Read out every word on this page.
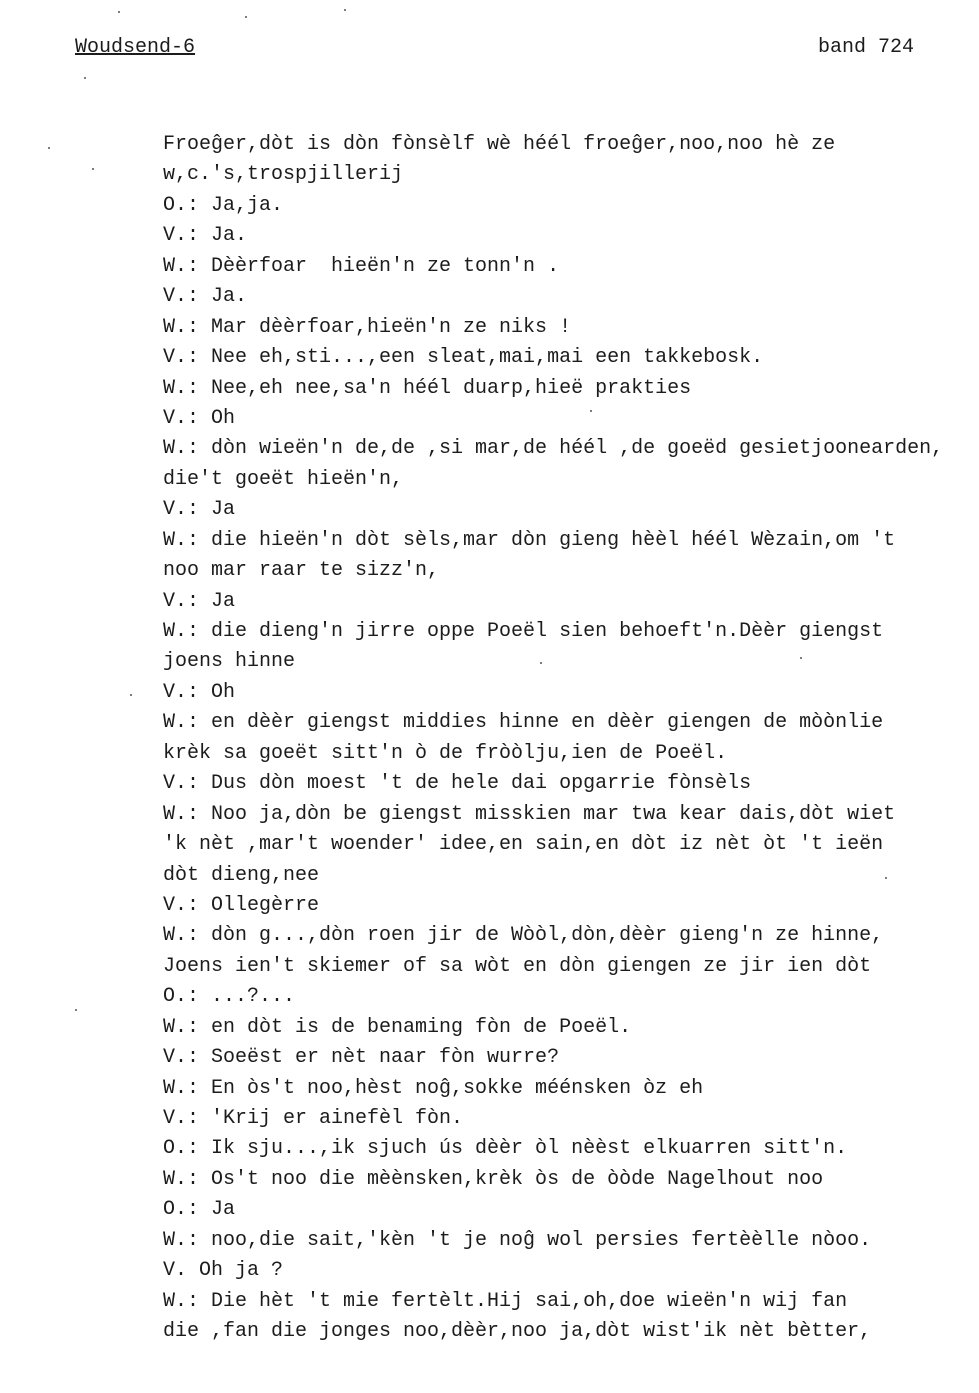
Woudsend-6	band 724
Froeĝer,dòt is dòn fònsèlf wè héél froeĝer,noo,noo hè ze
w,c.'s,trospjillerij
O.: Ja,ja.
V.: Ja.
W.: Dèèrfoar  hieën'n ze tonn'n .
V.: Ja.
W.: Mar dèèrfoar,hieën'n ze niks !
V.: Nee eh,sti...,een sleat,mai,mai een takkebosk.
W.: Nee,eh nee,sa'n héél duarp,hieë prakties
V.: Oh
W.: dòn wieën'n de,de ,si mar,de héél ,de goeëd gesietjoonearden,
die't goeët hieën'n,
V.: Ja
W.: die hieën'n dòt sèls,mar dòn gieng hèèl héél Wèzain,om 't
noo mar raar te sizz'n,
V.: Ja
W.: die dieng'n jirre oppe Poeël sien behoeft'n.Dèèr giengst
joens hinne
V.: Oh
W.: en dèèr giengst middies hinne en dèèr giengen de mòònlie
krèk sa goeët sitt'n ò de fròòlju,ien de Poeël.
V.: Dus dòn moest 't de hele dai opgarrie fònsèls
W.: Noo ja,dòn be giengst misskien mar twa kear dais,dòt wiet
'k nèt ,mar't woender' idee,en sain,en dòt iz nèt òt 't ieën
dòt dieng,nee
V.: Ollegèrre
W.: dòn g...,dòn roen jir de Wòòl,dòn,dèèr gieng'n ze hinne,
Joens ien't skiemer of sa wòt en dòn giengen ze jir ien dòt
O.: ...?...
W.: en dòt is de benaming fòn de Poeël.
V.: Soeëst er nèt naar fòn wurre?
W.: En òs't noo,hèst noĝ,sokke méénsken òz eh
V.: 'Krij er ainefèl fòn.
O.: Ik sju...,ik sjuch ús dèèr òl nèèst elkuarren sitt'n.
W.: Os't noo die mèènsken,krèk òs de òòde Nagelhout noo
O.: Ja
W.: noo,die sait,'kèn 't je noĝ wol persies fertèèlle nòoo.
V. Oh ja ?
W.: Die hèt 't mie fertèlt.Hij sai,oh,doe wieën'n wij fan
die ,fan die jonges noo,dèèr,noo ja,dòt wist'ik nèt bètter,
